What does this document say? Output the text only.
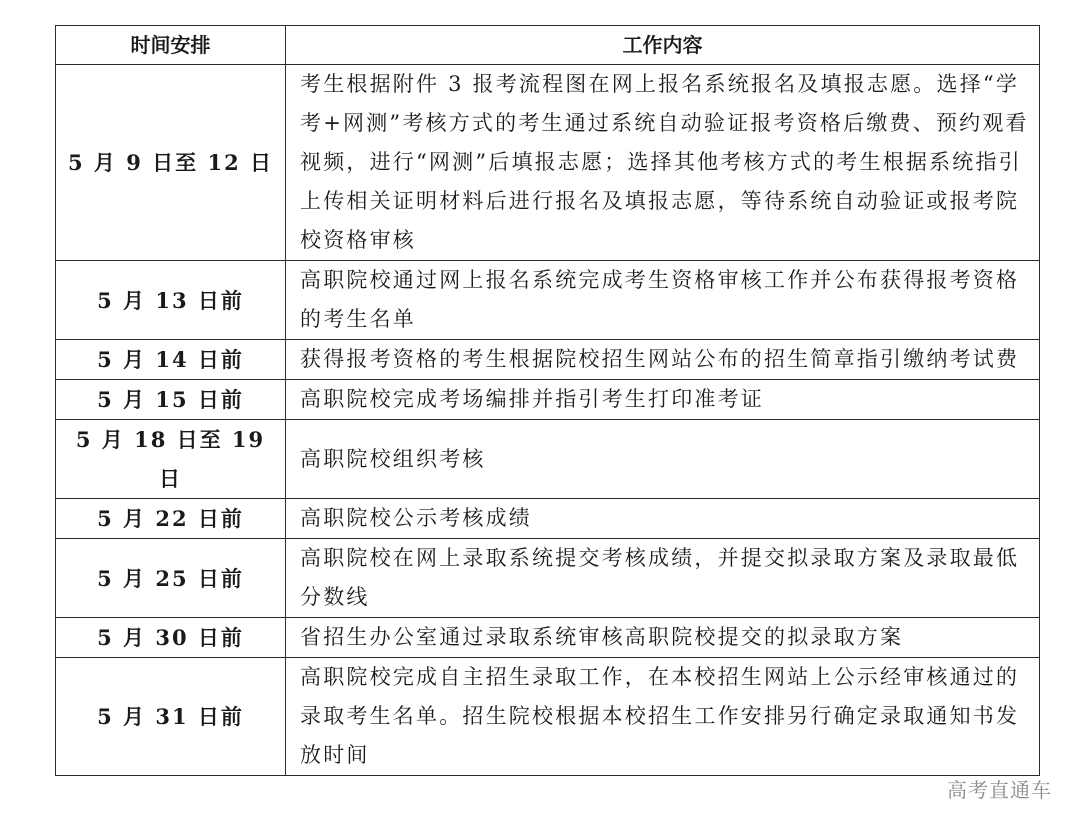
时间安排	工作内容
5 月 9 日至 12 日	考生根据附件 3 报考流程图在网上报名系统报名及填报志愿。选择“学考+网测”考核方式的考生通过系统自动验证报考资格后缴费、预约观看视频，进行“网测”后填报志愿；选择其他考核方式的考生根据系统指引上传相关证明材料后进行报名及填报志愿，等待系统自动验证或报考院校资格审核
5 月 13 日前	高职院校通过网上报名系统完成考生资格审核工作并公布获得报考资格的考生名单
5 月 14 日前	获得报考资格的考生根据院校招生网站公布的招生简章指引缴纳考试费
5 月 15 日前	高职院校完成考场编排并指引考生打印准考证
5 月 18 日至 19 日	高职院校组织考核
5 月 22 日前	高职院校公示考核成绩
5 月 25 日前	高职院校在网上录取系统提交考核成绩，并提交拟录取方案及录取最低分数线
5 月 30 日前	省招生办公室通过录取系统审核高职院校提交的拟录取方案
5 月 31 日前	高职院校完成自主招生录取工作，在本校招生网站上公示经审核通过的录取考生名单。招生院校根据本校招生工作安排另行确定录取通知书发放时间
高考直通车
